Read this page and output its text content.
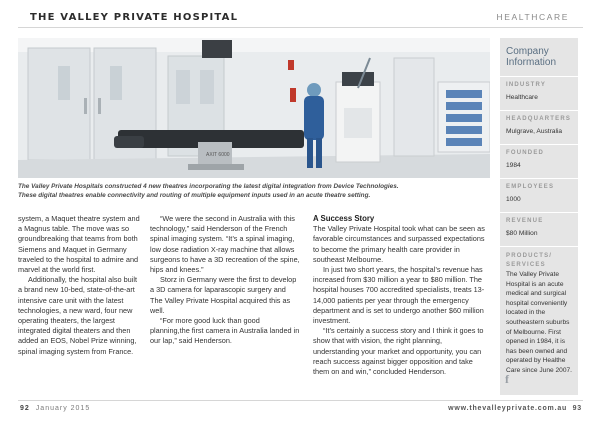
THE VALLEY PRIVATE HOSPITAL	HEALTHCARE
AXIT 6000
The Valley Private Hospitals constructed 4 new theatres incorporating the latest digital integration from Device Technologies.
These digital theatres enable connectivity and routing of multiple equipment inputs used in an acute theatre setting.

system, a Maquet theatre system and a Magnus table. The move was so groundbreaking that teams from both Siemens and Maquet in Germany traveled to the hospital to admire and marvel at the world first.

Additionally, the hospital also built a brand new 10-bed, state-of-the-art intensive care unit with the latest technologies, a new ward, four new operating theaters, the largest integrated digital theaters and then added an EOS, Nobel Prize winning, spinal imaging system from France.

“We were the second in Australia with this technology,” said Henderson of the French spinal imaging system. “It’s a spinal imaging, low dose radiation X-ray machine that allows surgeons to have a 3D recreation of the spine, hips and knees.”

Storz in Germany were the first to develop a 3D camera for laparascopic surgery and The Valley Private Hospital acquired this as well.

“For more good luck than good planning,the first camera in Australia landed in our lap,” said Henderson.

A Success Story

The Valley Private Hospital took what can be seen as favorable circumstances and surpassed expectations to become the primary health care provider in southeast Melbourne.

In just two short years, the hospital’s revenue has increased from $30 million a year to $80 million. The hospital houses 700 accredited specialists, treats 13-14,000 patients per year through the emergency department and is set to undergo another $60 million investment.

“It’s certainly a success story and I think it goes to show that with vision, the right planning, understanding your market and opportunity, you can reach success against bigger opposition and take them on and win,” concluded Henderson.

Company Information
INDUSTRY
Healthcare
HEADQUARTERS
Mulgrave, Australia
FOUNDED
1984
EMPLOYEES
1000
REVENUE
$80 Million
PRODUCTS/ SERVICES
The Valley Private Hospital is an acute medical and surgical hospital conveniently located in the southeastern suburbs of Melbourne. First opened in 1984, it is has been owned and operated by Healthe Care since June 2007.
f
92 January 2015	www.thevalleyprivate.com.au 93
